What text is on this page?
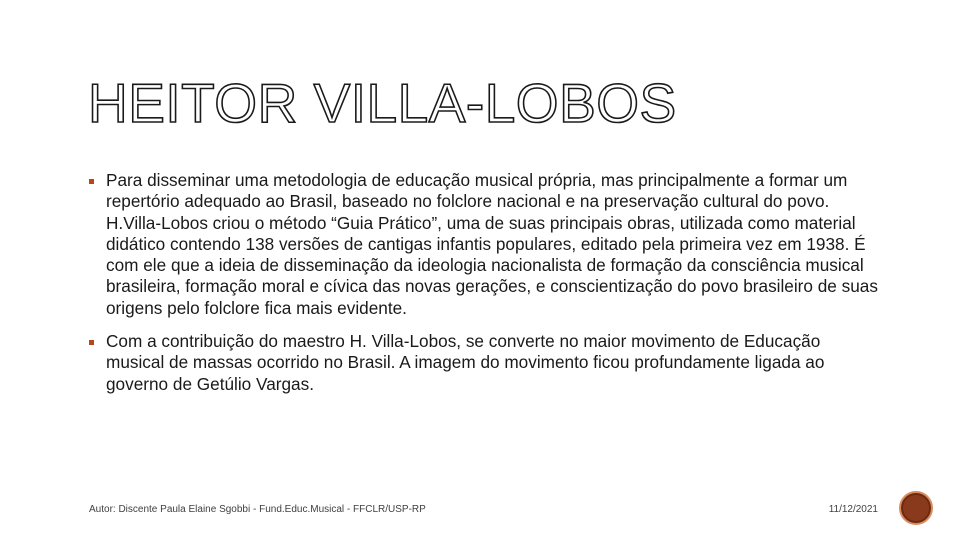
HEITOR VILLA-LOBOS

Para disseminar uma metodologia de educação musical própria, mas principalmente a formar um repertório adequado ao Brasil, baseado no folclore nacional e na preservação cultural do povo. H.Villa-Lobos criou o método “Guia Prático”, uma de suas principais obras, utilizada como material didático contendo 138 versões de cantigas infantis populares, editado pela primeira vez em 1938. É com ele que a ideia de disseminação da ideologia nacionalista de formação da consciência musical brasileira, formação moral e cívica das novas gerações, e conscientização do povo brasileiro de suas origens pelo folclore fica mais evidente.

Com a contribuição do maestro H. Villa-Lobos, se converte no maior movimento de Educação musical de massas ocorrido no Brasil. A imagem do movimento ficou profundamente ligada ao governo de Getúlio Vargas.

Autor: Discente Paula Elaine Sgobbi - Fund.Educ.Musical - FFCLR/USP-RP	11/12/2021
